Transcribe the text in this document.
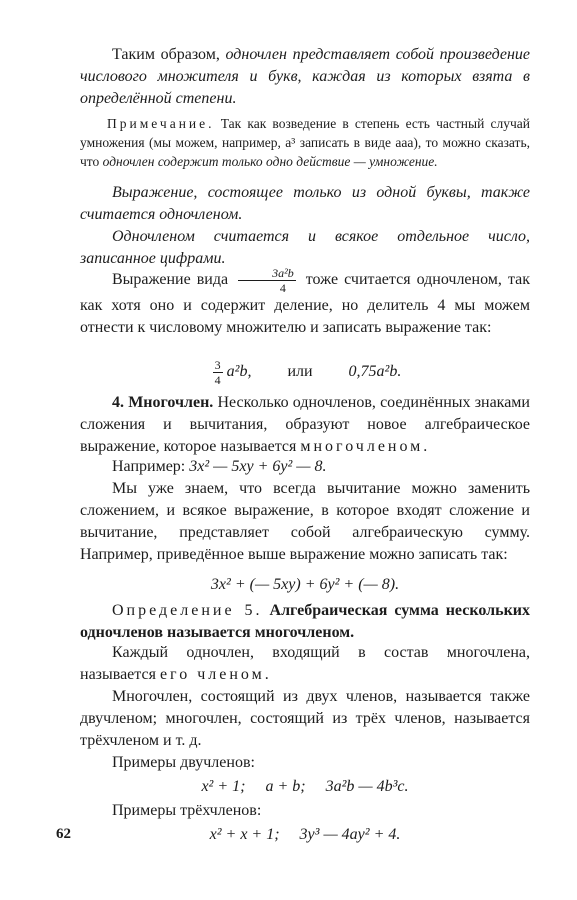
Таким образом, одночлен представляет собой произведение числового множителя и букв, каждая из которых взята в определённой степени.

Примечание. Так как возведение в степень есть частный случай умножения (мы можем, например, a³ записать в виде aaa), то можно сказать, что одночлен содержит только одно действие — умножение.

Выражение, состоящее только из одной буквы, также считается одночленом.

Одночленом считается и всякое отдельное число, записанное цифрами.

Выражение вида $\frac{\text{3a²b}}{4}$ тоже считается одночленом, так как хотя оно и содержит деление, но делитель 4 мы можем отнести к числовому множителю и записать выражение так:

$\frac{3}{4} a^2b$, или 0,75a²b.

4. Многочлен. Несколько одночленов, соединённых знаками сложения и вычитания, образуют новое алгебраическое выражение, которое называется многочленом.

Например: 3x² — 5xy + 6y² — 8.

Мы уже знаем, что всегда вычитание можно заменить сложением, и всякое выражение, в которое входят сложение и вычитание, представляет собой алгебраическую сумму. Например, приведённое выше выражение можно записать так:

3x² + (— 5xy) + 6y² + (— 8).

Определение 5. Алгебраическая сумма нескольких одночленов называется многочленом.

Каждый одночлен, входящий в состав многочлена, называется его членом.

Многочлен, состоящий из двух членов, называется также двучленом; многочлен, состоящий из трёх членов, называется трёхчленом и т. д.

Примеры двучленов:

x² + 1;     a + b;     3a²b — 4b³c.

Примеры трёхчленов:

x² + x + 1;     3y³ — 4ay² + 4.
62
